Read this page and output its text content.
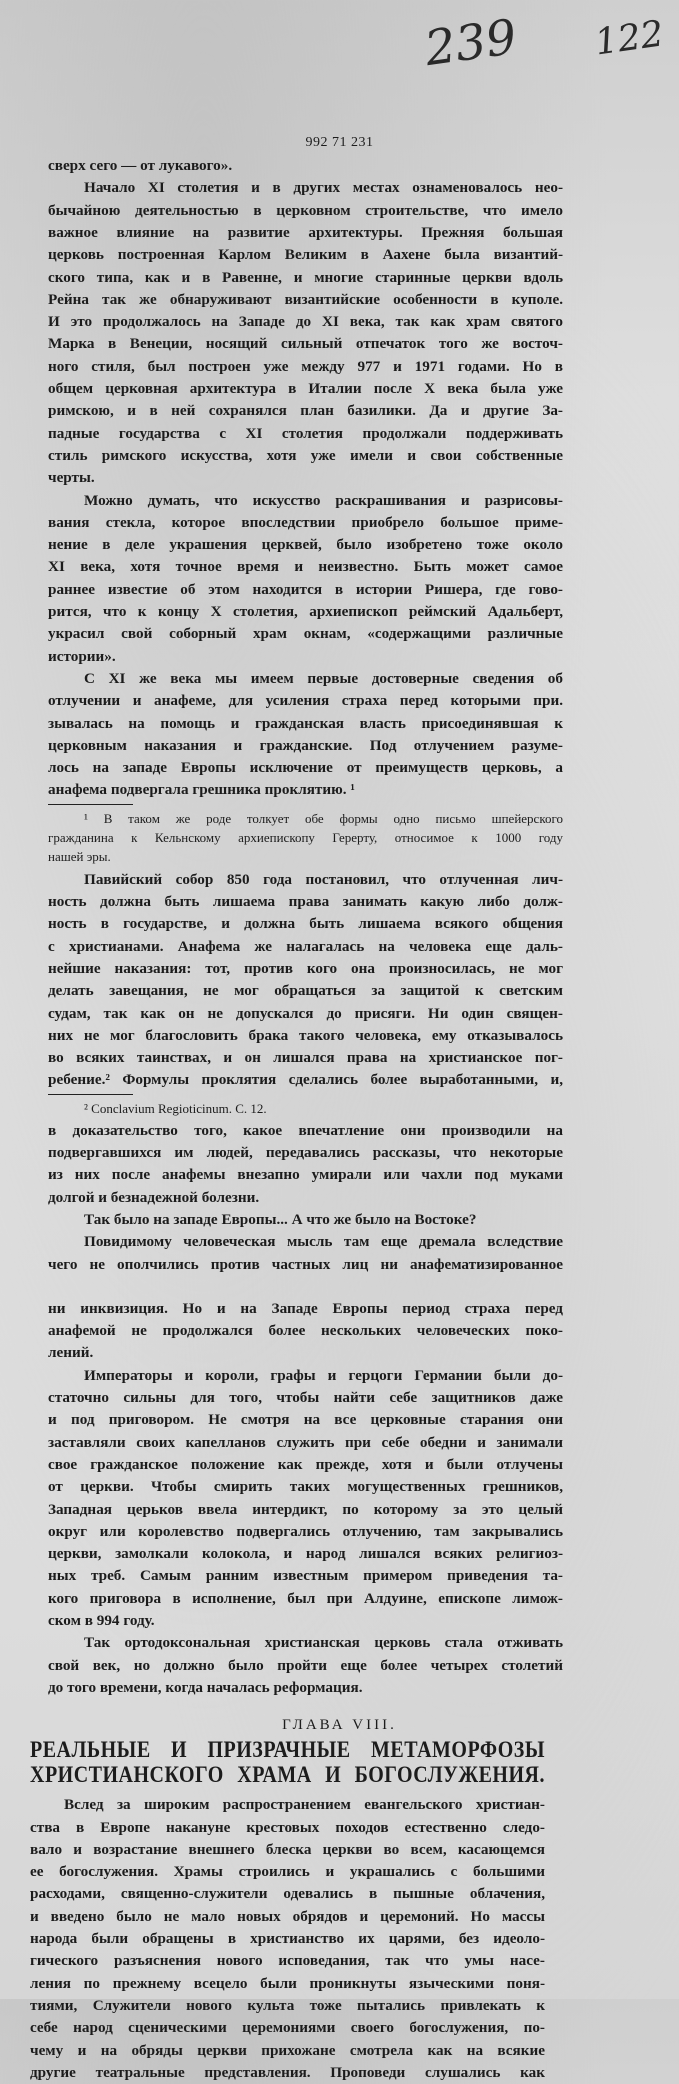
239 122
992 71 231
сверх сего — от лукавого».
Начало XI столетия и в других местах ознаменовалось нео-
бычайною деятельностью в церковном строительстве, что имело
важное влияние на развитие архитектуры. Прежняя большая
церковь построенная Карлом Великим в Аахене была византий-
ского типа, как и в Равенне, и многие старинные церкви вдоль
Рейна так же обнаруживают византийские особенности в куполе.
И это продолжалось на Западе до XI века, так как храм святого
Марка в Венеции, носящий сильный отпечаток того же восточ-
ного стиля, был построен уже между 977 и 1971 годами. Но в
общем церковная архитектура в Италии после X века была уже
римскою, и в ней сохранялся план базилики. Да и другие За-
падные государства с XI столетия продолжали поддерживать
стиль римского искусства, хотя уже имели и свои собственные
черты.
Можно думать, что искусство раскрашивания и разрисовы-
вания стекла, которое впоследствии приобрело большое приме-
нение в деле украшения церквей, было изобретено тоже около
XI века, хотя точное время и неизвестно. Быть может самое
раннее известие об этом находится в истории Ришера, где гово-
рится, что к концу X столетия, архиепископ реймский Адальберт,
украсил свой соборный храм окнам, «содержащими различные
истории».
С XI же века мы имеем первые достоверные сведения об
отлучении и анафеме, для усиления страха перед которыми при.
зывалась на помощь и гражданская власть присоединявшая к
церковным наказания и гражданские. Под отлучением разуме-
лось на западе Европы исключение от преимуществ церковь, а
анафема подвергала грешника проклятию. ¹
¹ В таком же роде толкует обе формы одно письмо шпейерского
гражданина к Кельнскому архиепископу Герерту, относимое к 1000 году
нашей эры.
Павийский собор 850 года постановил, что отлученная лич-
ность должна быть лишаема права занимать какую либо долж-
ность в государстве, и должна быть лишаема всякого общения
с христианами. Анафема же налагалась на человека еще даль-
нейшие наказания: тот, против кого она произносилась, не мог
делать завещания, не мог обращаться за защитой к светским
судам, так как он не допускался до присяги. Ни один священ-
них не мог благословить брака такого человека, ему отказывалось
во всяких таинствах, и он лишался права на христианское пог-
ребение.² Формулы проклятия сделались более выработанными, и,
² Conclavium Regioticinum. C. 12.
в доказательство того, какое впечатление они производили на
подвергавшихся им людей, передавались рассказы, что некоторые
из них после анафемы внезапно умирали или чахли под муками
долгой и безнадежной болезни.
Так было на западе Европы... А что же было на Востоке?
Повидимому человеческая мысль там еще дремала вследствие
чего не ополчились против частных лиц ни анафематизированное
ни инквизиция. Но и на Западе Европы период страха перед
анафемой не продолжался более нескольких человеческих поко-
лений.
Императоры и короли, графы и герцоги Германии были до-
статочно сильны для того, чтобы найти себе защитников даже
и под приговором. Не смотря на все церковные старания они
заставляли своих капелланов служить при себе обедни и занимали
свое гражданское положение как прежде, хотя и были отлучены
от церкви. Чтобы смирить таких могущественных грешников,
Западная церьков ввела интердикт, по которому за это целый
округ или королевство подвергались отлучению, там закрывались
церкви, замолкали колокола, и народ лишался всяких религиоз-
ных треб. Самым ранним известным примером приведения та-
кого приговора в исполнение, был при Алдуине, епископе лимож-
ском в 994 году.
Так ортодоксональная христианская церковь стала отживать
свой век, но должно было пройти еще более четырех столетий
до того времени, когда началась реформация.
ГЛАВА VIII.
РЕАЛЬНЫЕ И ПРИЗРАЧНЫЕ МЕТАМОРФОЗЫ
ХРИСТИАНСКОГО ХРАМА И БОГОСЛУЖЕНИЯ.
Вслед за широким распространением евангельского христиан-
ства в Европе накануне крестовых походов естественно следо-
вало и возрастание внешнего блеска церкви во всем, касающемся
ее богослужения. Храмы строились и украшались с большими
расходами, священно-служители одевались в пышные облачения,
и введено было не мало новых обрядов и церемоний. Но массы
народа были обращены в христианство их царями, без идеоло-
гического разъяснения нового исповедания, так что умы насе-
ления по прежнему всецело были проникнуты языческими поня-
тиями, Служители нового культа тоже пытались привлекать к
себе народ сценическими церемониями своего богослужения, по-
чему и на обряды церкви прихожане смотрела как на всякие
другие театральные представления. Проповеди слушались как
